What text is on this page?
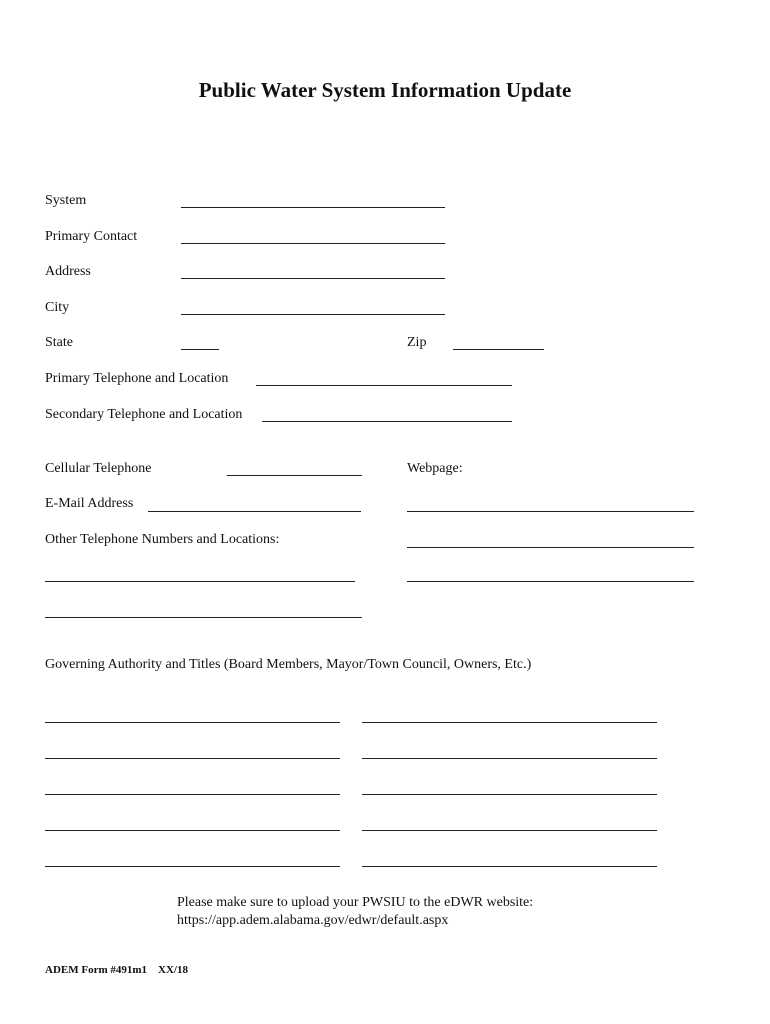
Public Water System Information Update
System
Primary Contact
Address
City
State	Zip
Primary Telephone and Location
Secondary Telephone and Location
Cellular Telephone	Webpage:
E-Mail Address
Other Telephone Numbers and Locations:
Governing Authority and Titles (Board Members, Mayor/Town Council, Owners, Etc.)
Please make sure to upload your PWSIU to the eDWR website:
https://app.adem.alabama.gov/edwr/default.aspx
ADEM Form #491m1    XX/18
